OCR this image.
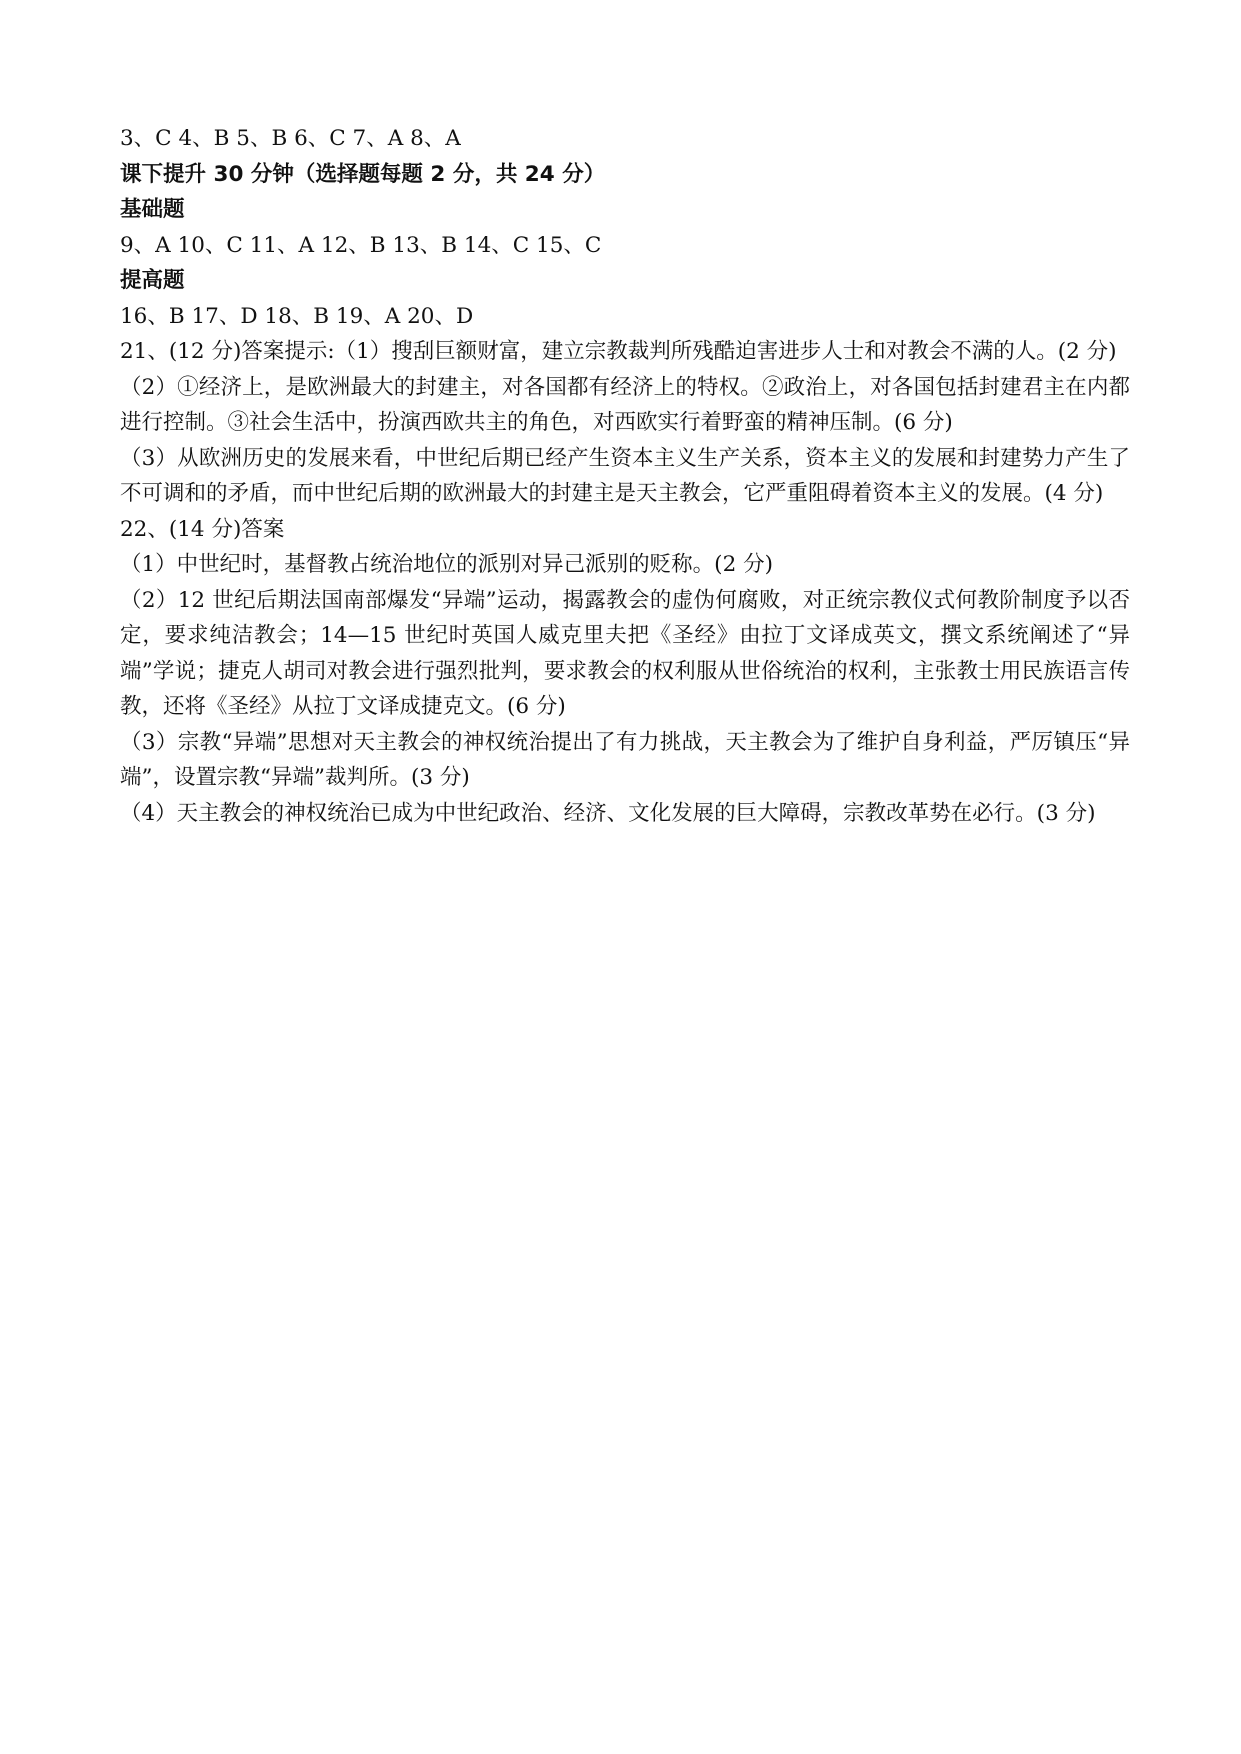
3、C 4、B 5、B 6、C 7、A 8、A
课下提升 30 分钟（选择题每题 2 分，共 24 分）
基础题
9、A 10、C 11、A 12、B 13、B 14、C 15、C
提高题
16、B 17、D 18、B 19、A 20、D
21、(12 分)答案提示:（1）搜刮巨额财富，建立宗教裁判所残酷迫害进步人士和对教会不满的人。(2 分)
（2）①经济上，是欧洲最大的封建主，对各国都有经济上的特权。②政治上，对各国包括封建君主在内都进行控制。③社会生活中，扮演西欧共主的角色，对西欧实行着野蛮的精神压制。(6 分)
（3）从欧洲历史的发展来看，中世纪后期已经产生资本主义生产关系，资本主义的发展和封建势力产生了不可调和的矛盾，而中世纪后期的欧洲最大的封建主是天主教会，它严重阻碍着资本主义的发展。(4 分)
22、(14 分)答案
（1）中世纪时，基督教占统治地位的派别对异己派别的贬称。(2 分)
（2）12 世纪后期法国南部爆发“异端”运动，揭露教会的虚伪何腐败，对正统宗教仪式何教阶制度予以否定，要求纯洁教会；14—15 世纪时英国人威克里夫把《圣经》由拉丁文译成英文，撰文系统阐述了“异端”学说；捷克人胡司对教会进行强烈批判，要求教会的权利服从世俗统治的权利，主张教士用民族语言传教，还将《圣经》从拉丁文译成捷克文。(6 分)
（3）宗教“异端”思想对天主教会的神权统治提出了有力挑战，天主教会为了维护自身利益，严厉镇压“异端”，设置宗教“异端”裁判所。(3 分)
（4）天主教会的神权统治已成为中世纪政治、经济、文化发展的巨大障碍，宗教改革势在必行。(3 分)
